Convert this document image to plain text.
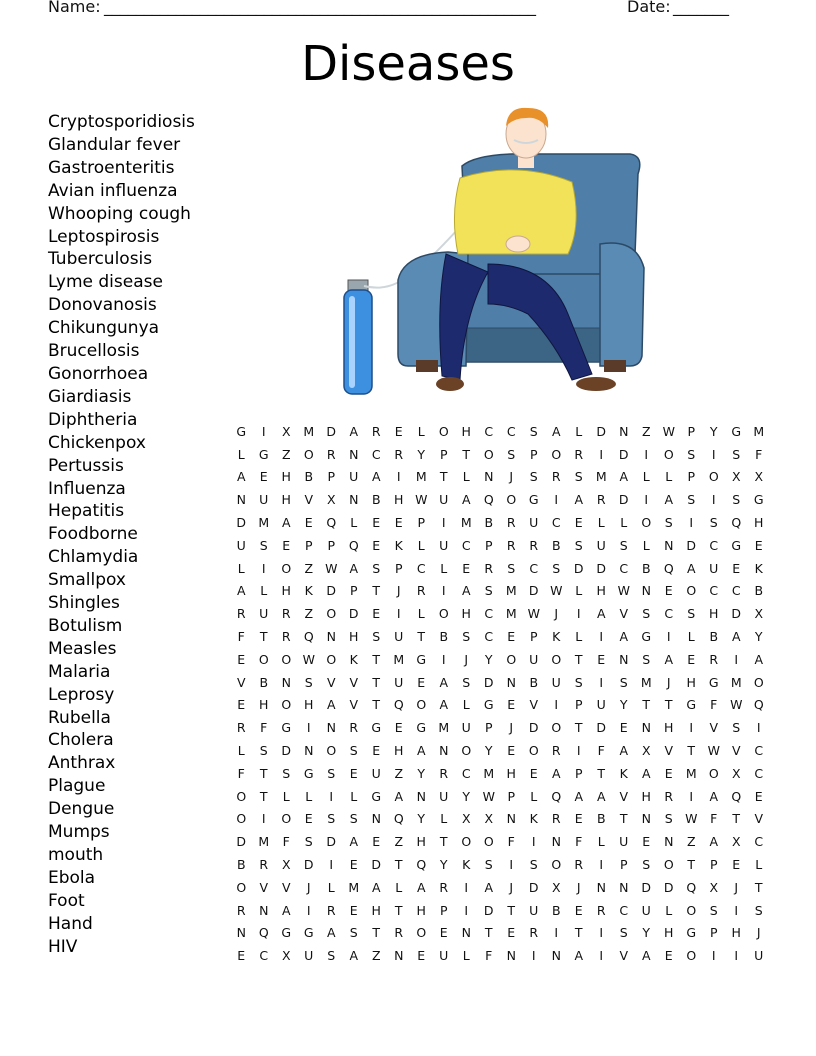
Name: ______________________________________________________	Date: _______
Diseases
Cryptosporidiosis
Glandular fever
Gastroenteritis
Avian influenza
Whooping cough
Leptospirosis
Tuberculosis
Lyme disease
Donovanosis
Chikungunya
Brucellosis
Gonorrhoea
Giardiasis
Diphtheria
Chickenpox
Pertussis
Influenza
Hepatitis
Foodborne
Chlamydia
Smallpox
Shingles
Botulism
Measles
Malaria
Leprosy
Rubella
Cholera
Anthrax
Plague
Dengue
Mumps
mouth
Ebola
Foot
Hand
HIV
G	I	X	M D	A	R	E	L	O	H	C	C	S	A	L	D	N	Z W	P	Y	G M
L	G	Z	O	R	N	C	R	Y	P	T	O	S	P	O	R	I	D	I	O	S	I	S	F
A	E	H	B	P	U	A	I	M	T	L	N	J	S	R	S	M	A	L	L	P	O	X	X
N	U	H	V	X	N	B	H W U	A	Q	O	G	I	A	R	D	I	A	S	I	S	G
D M	A	E	Q	L	E	E	P	I	M	B	R	U	C	E	L	L	O	S	I	S	Q	H
U	S	E	P	P	Q	E	K	L	U	C	P	R	R	B	S	U	S	L	N	D	C	G	E
L	I	O	Z W A	S	P	C	L	E	R	S	C	S	D	D	C	B	Q	A	U	E	K
A	L	H	K	D	P	T	J	R	I	A	S	M D W	L	H W N	E	O	C	C	B
R	U	R	Z	O	D	E	I	L	O	H	C	M W	J	I	A	V	S	C	S	H	D	X
F	T	R	Q	N	H	S	U	T	B	S	C	E	P	K	L	I	A	G	I	L	B	A	Y
E	O	O W O	K	T	M G	I	J	Y	O	U	O	T	E	N	S	A	E	R	I	A
V	B	N	S	V	V	T	U	E	A	S	D	N	B	U	S	I	S	M	J	H	G M O
E	H	O	H	A	V	T	Q	O	A	L	G	E	V	I	P	U	Y	T	T	G	F	W Q
R	F	G	I	N	R	G	E	G M	U	P	J	D	O	T	D	E	N	H	I	V	S	I
L	S	D	N	O	S	E	H	A	N	O	Y	E	O	R	I	F	A	X	V	T	W V	C
F	T	S	G	S	E	U	Z	Y	R	C	M H	E	A	P	T	K	A	E	M O	X	C
O	T	L	L	I	L	G	A	N	U	Y	W	P	L	Q	A	A	V	H	R	I	A	Q	E
O	I	O	E	S	S	N	Q	Y	L	X	X	N	K	R	E	B	T	N	S W	F	T	V
D M	F	S	D	A	E	Z	H	T	O	O	F	I	N	F	L	U	E	N	Z	A	X	C
B	R	X	D	I	E	D	T	Q	Y	K	S	I	S	O	R	I	P	S	O	T	P	E	L
O	V	V	J	L	M	A	L	A	R	I	A	J	D	X	J	N	N	D	D	Q	X	J	T
R	N	A	I	R	E	H	T	H	P	I	D	T	U	B	E	R	C	U	L	O	S	I	S
N	Q	G	G	A	S	T	R	O	E	N	T	E	R	I	T	I	S	Y	H	G	P	H	J
E	C	X	U	S	A	Z	N	E	U	L	F	N	I	N	A	I	V	A	E	O	I	I	U
